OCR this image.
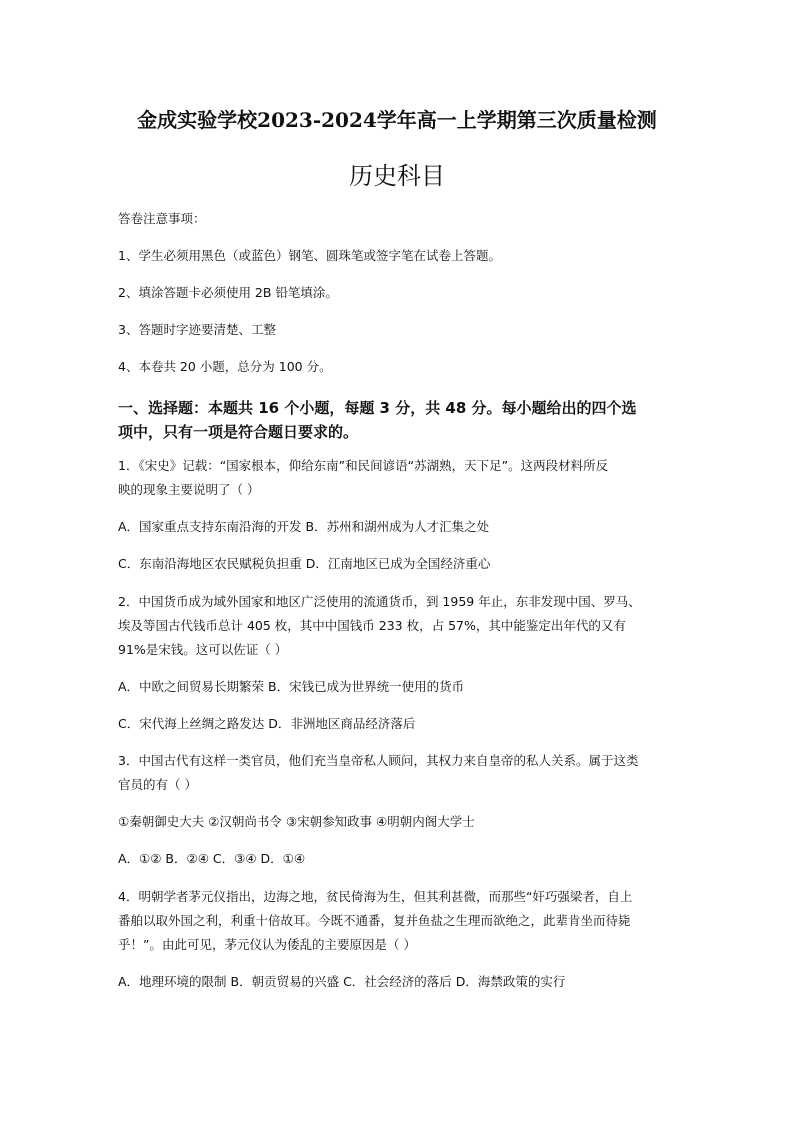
金成实验学校2023-2024学年高一上学期第三次质量检测
历史科目
答卷注意事项：
1、学生必须用黑色（或蓝色）钢笔、圆珠笔或签字笔在试卷上答题。
2、填涂答题卡必须使用 2B 铅笔填涂。
3、答题时字迹要清楚、工整
4、本卷共 20 小题，总分为 100 分。
一、选择题：本题共 16 个小题，每题 3 分，共 48 分。每小题给出的四个选
项中，只有一项是符合题日要求的。
1．《宋史》记载：“国家根本，仰给东南”和民间谚语“苏湖熟，天下足”。这两段材料所反
映的现象主要说明了（ ）
A．国家重点支持东南沿海的开发 B．苏州和湖州成为人才汇集之处
C．东南沿海地区农民赋税负担重 D．江南地区已成为全国经济重心
2．中国货币成为域外国家和地区广泛使用的流通货币，到 1959 年止，东非发现中国、罗马、
埃及等国古代钱币总计 405 枚，其中中国钱币 233 枚，占 57%，其中能鉴定出年代的又有
91%是宋钱。这可以佐证（ ）
A．中欧之间贸易长期繁荣 B．宋钱已成为世界统一使用的货币
C．宋代海上丝绸之路发达 D．非洲地区商品经济落后
3．中国古代有这样一类官员，他们充当皇帝私人顾问，其权力来自皇帝的私人关系。属于这类
官员的有（ ）
①秦朝御史大夫 ②汉朝尚书令 ③宋朝参知政事 ④明朝内阁大学士
A．①② B．②④ C．③④ D．①④
4．明朝学者茅元仪指出，边海之地，贫民倚海为生，但其利甚微，而那些“奸巧强梁者，自上
番舶以取外国之利，利重十倍故耳。今既不通番，复并鱼盐之生理而欲绝之，此辈肯坐而待毙
乎！”。由此可见，茅元仪认为倭乱的主要原因是（ ）
A．地理环境的限制 B．朝贡贸易的兴盛 C．社会经济的落后 D．海禁政策的实行
